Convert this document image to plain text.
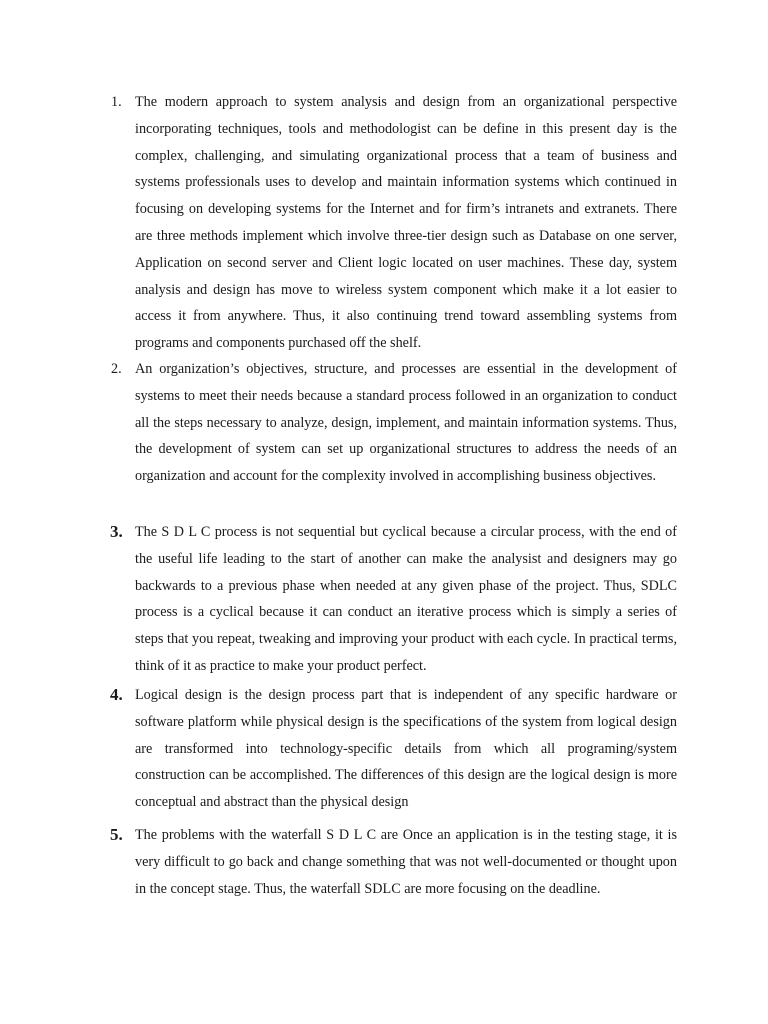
1. The modern approach to system analysis and design from an organizational perspective incorporating techniques, tools and methodologist can be define in this present day is the complex, challenging, and simulating organizational process that a team of business and systems professionals uses to develop and maintain information systems which continued in focusing on developing systems for the Internet and for firm’s intranets and extranets. There are three methods implement which involve three-tier design such as Database on one server, Application on second server and Client logic located on user machines. These day, system analysis and design has move to wireless system component which make it a lot easier to access it from anywhere. Thus, it also continuing trend toward assembling systems from programs and components purchased off the shelf.
2. An organization’s objectives, structure, and processes are essential in the development of systems to meet their needs because a standard process followed in an organization to conduct all the steps necessary to analyze, design, implement, and maintain information systems. Thus, the development of system can set up organizational structures to address the needs of an organization and account for the complexity involved in accomplishing business objectives.
3. The S D L C process is not sequential but cyclical because a circular process, with the end of the useful life leading to the start of another can make the analysist and designers may go backwards to a previous phase when needed at any given phase of the project. Thus, SDLC process is a cyclical because it can conduct an iterative process which is simply a series of steps that you repeat, tweaking and improving your product with each cycle. In practical terms, think of it as practice to make your product perfect.
4. Logical design is the design process part that is independent of any specific hardware or software platform while physical design is the specifications of the system from logical design are transformed into technology-specific details from which all programing/system construction can be accomplished. The differences of this design are the logical design is more conceptual and abstract than the physical design
5. The problems with the waterfall S D L C are Once an application is in the testing stage, it is very difficult to go back and change something that was not well-documented or thought upon in the concept stage. Thus, the waterfall SDLC are more focusing on the deadline.
